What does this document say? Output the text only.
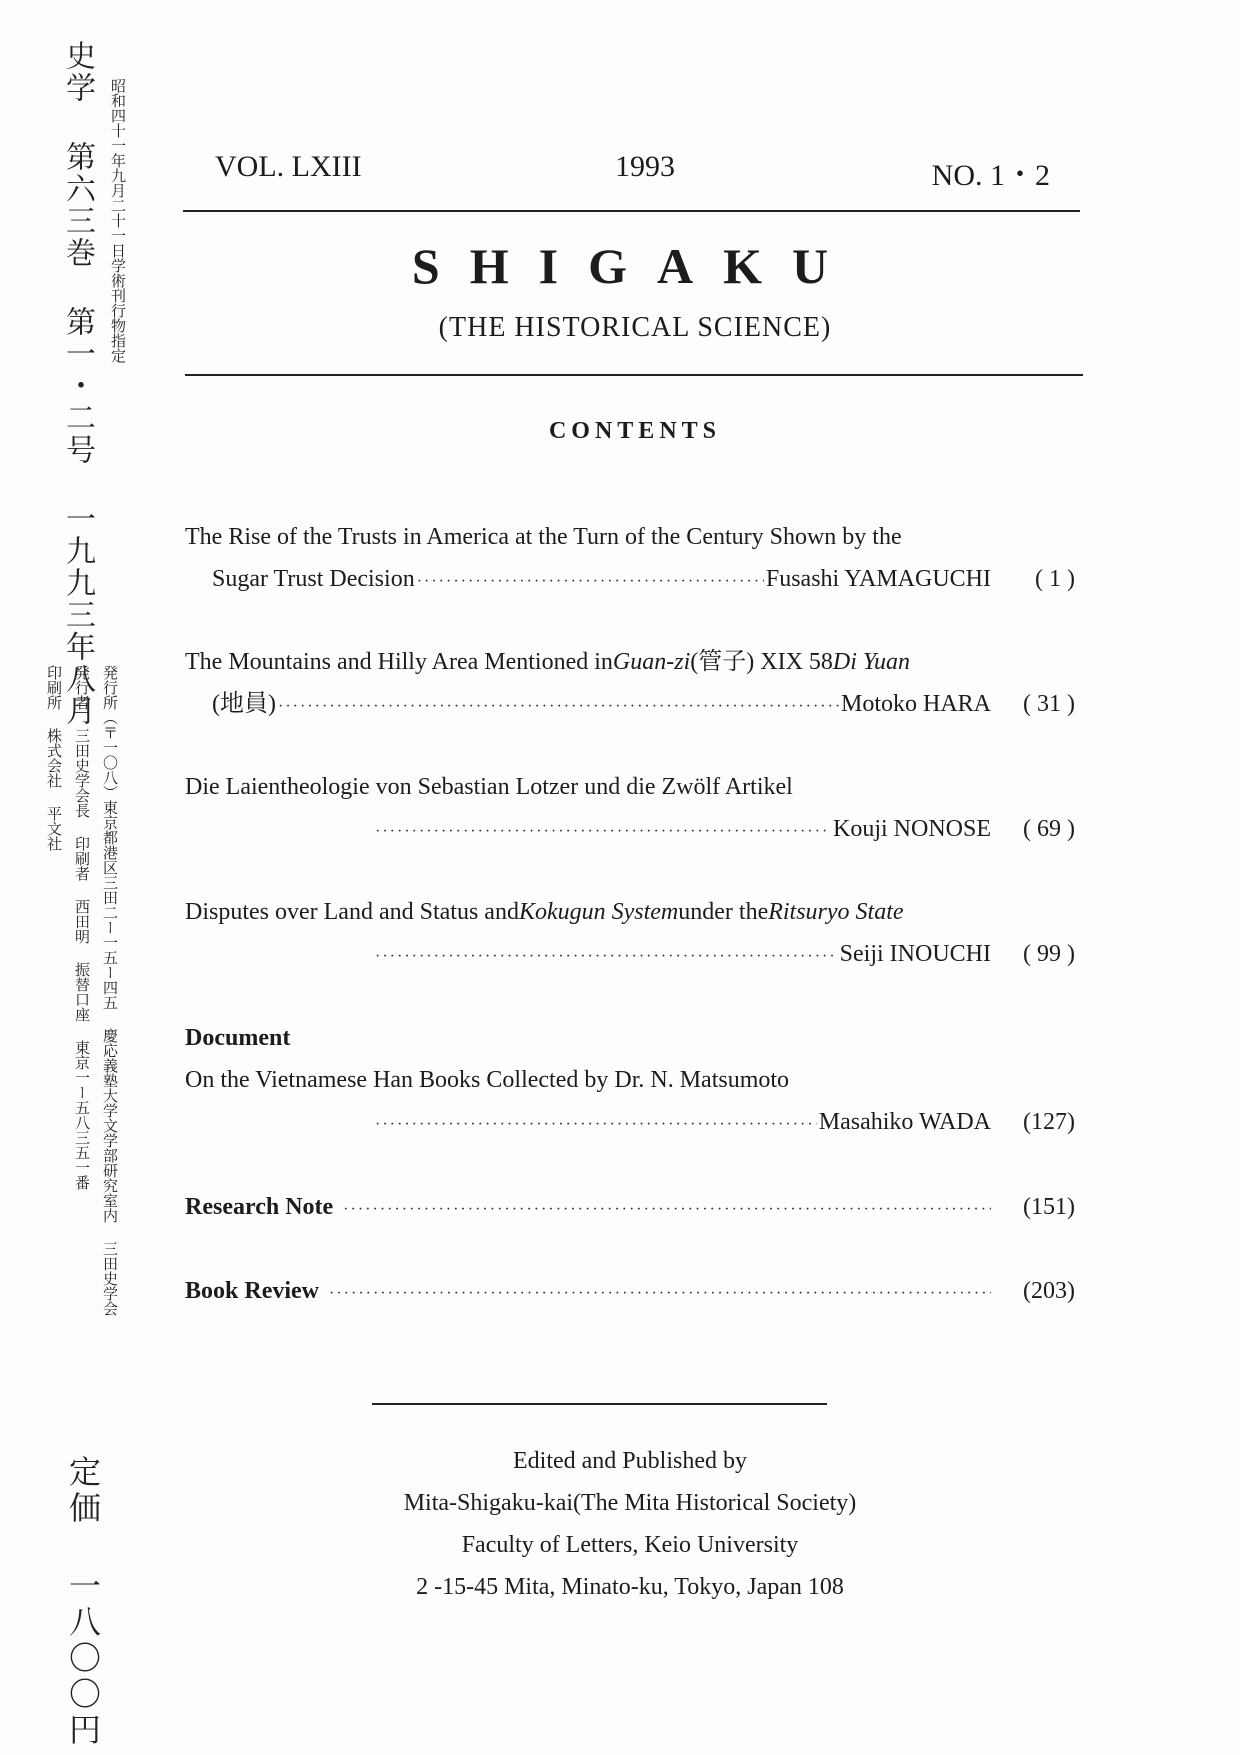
史学 第六三巻 第一・二号 一九九三年八月 昭和四十一年九月二十一日学術刊行物指定
発行所（〒一〇八）東京都港区三田二ー一五ー四五 慶応義塾大学文学部研究室内 三田史学会
発行者 三田史学会長 印刷者 西田明 振替口座 東京一ー五八三五一番
印刷所 株式会社 平文社
定価 一八〇〇円
VOL. LXIII	1993	NO. 1・2
SHIGAKU
(THE HISTORICAL SCIENCE)
CONTENTS
The Rise of the Trusts in America at the Turn of the Century Shown by the
Sugar Trust Decision ·····	Fusashi YAMAGUCHI	( 1 )
The Mountains and Hilly Area Mentioned in Guan-zi (管子) XIX 58 Di Yuan
(地員) ·····	Motoko HARA	( 31 )
Die Laientheologie von Sebastian Lotzer und die Zwölf Artikel
·····
Kouji NONOSE	( 69 )
Disputes over Land and Status and Kokugun System under the Ritsuryo State
·····
Seiji INOUCHI	( 99 )
Document
On the Vietnamese Han Books Collected by Dr. N. Matsumoto
·····
Masahiko WADA	(127)
Research Note ·····	(151)
Book Review ·····	(203)
Edited and Published by
Mita-Shigaku-kai(The Mita Historical Society)
Faculty of Letters, Keio University
2 -15-45 Mita, Minato-ku, Tokyo, Japan 108
